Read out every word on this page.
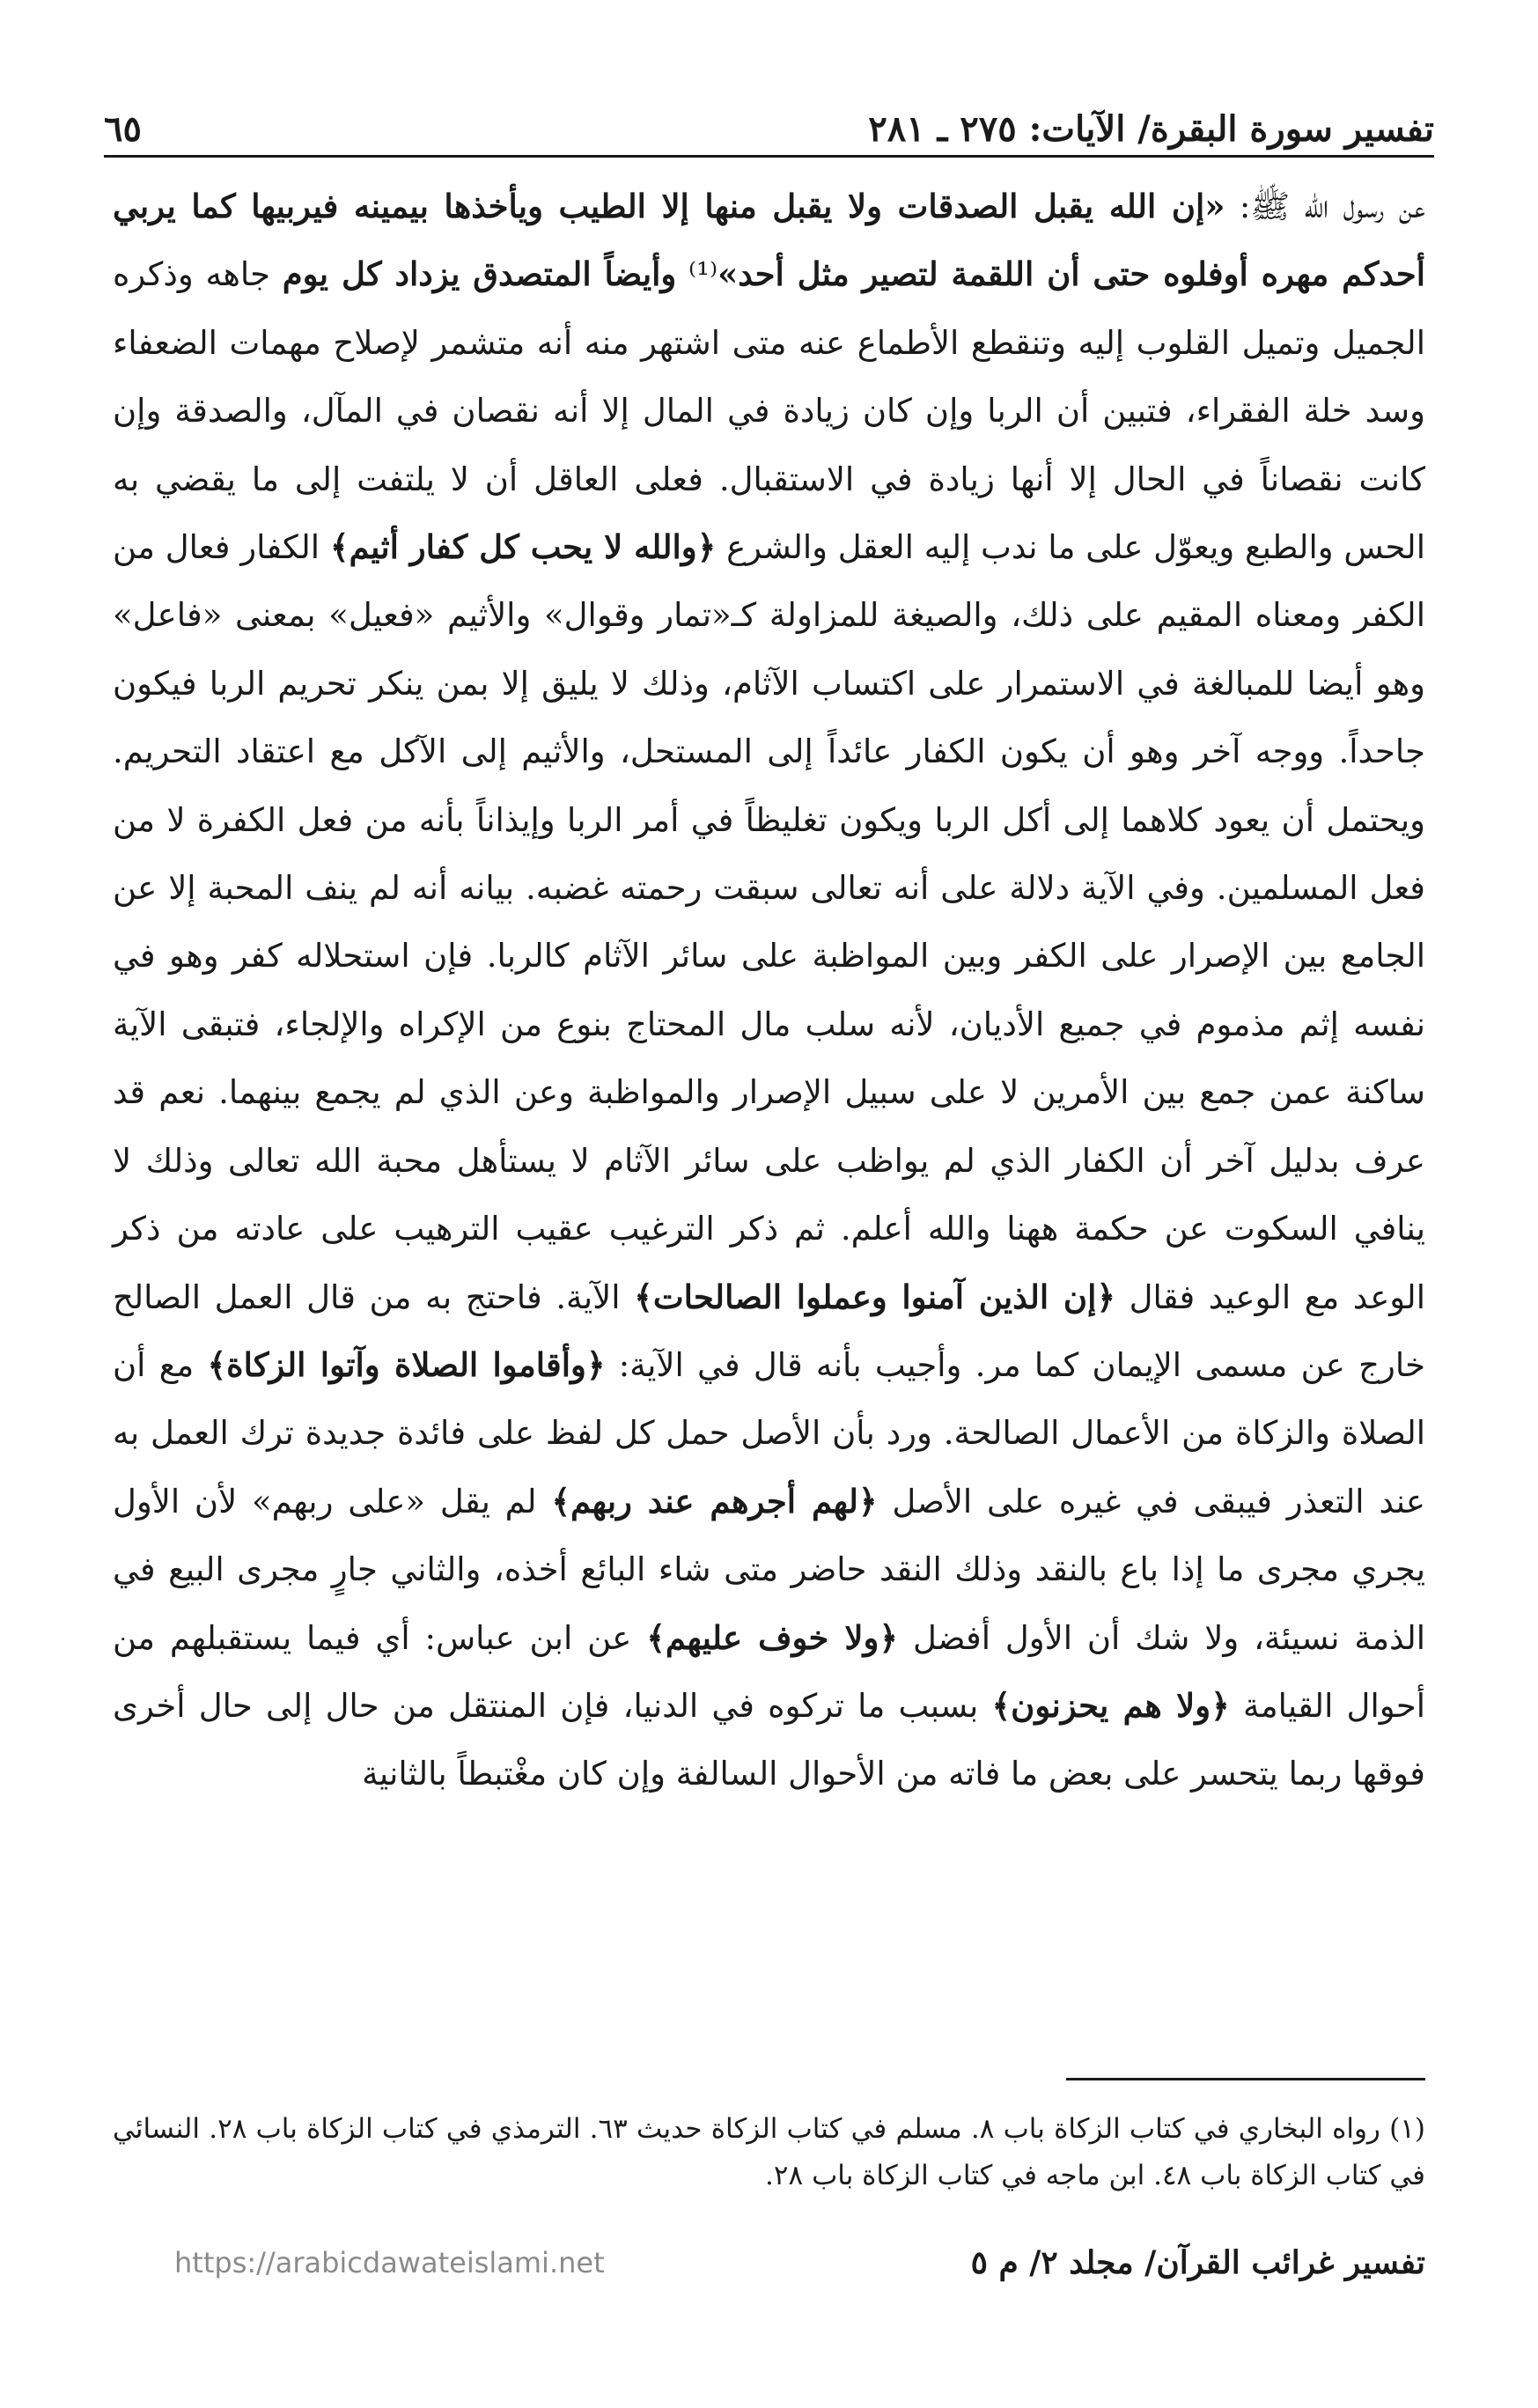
تفسير سورة البقرة/ الآيات: ٢٧٥ ـ ٢٨١
٦٥

عن رسول الله ﷺ: «إن الله يقبل الصدقات ولا يقبل منها إلا الطيب ويأخذها بيمينه فيربيها كما يربي أحدكم مهره أوفلوه حتى أن اللقمة لتصير مثل أحد»⁽¹⁾ وأيضاً المتصدق يزداد كل يوم جاهه وذكره الجميل وتميل القلوب إليه وتنقطع الأطماع عنه متى اشتهر منه أنه متشمر لإصلاح مهمات الضعفاء وسد خلة الفقراء، فتبين أن الربا وإن كان زيادة في المال إلا أنه نقصان في المآل، والصدقة وإن كانت نقصاناً في الحال إلا أنها زيادة في الاستقبال. فعلى العاقل أن لا يلتفت إلى ما يقضي به الحس والطبع ويعوّل على ما ندب إليه العقل والشرع ﴿والله لا يحب كل كفار أثيم﴾ الكفار فعال من الكفر ومعناه المقيم على ذلك، والصيغة للمزاولة كـ«تمار وقوال» والأثيم «فعيل» بمعنى «فاعل» وهو أيضا للمبالغة في الاستمرار على اكتساب الآثام، وذلك لا يليق إلا بمن ينكر تحريم الربا فيكون جاحداً. ووجه آخر وهو أن يكون الكفار عائداً إلى المستحل، والأثيم إلى الآكل مع اعتقاد التحريم. ويحتمل أن يعود كلاهما إلى أكل الربا ويكون تغليظاً في أمر الربا وإيذاناً بأنه من فعل الكفرة لا من فعل المسلمين. وفي الآية دلالة على أنه تعالى سبقت رحمته غضبه. بيانه أنه لم ينف المحبة إلا عن الجامع بين الإصرار على الكفر وبين المواظبة على سائر الآثام كالربا. فإن استحلاله كفر وهو في نفسه إثم مذموم في جميع الأديان، لأنه سلب مال المحتاج بنوع من الإكراه والإلجاء، فتبقى الآية ساكنة عمن جمع بين الأمرين لا على سبيل الإصرار والمواظبة وعن الذي لم يجمع بينهما. نعم قد عرف بدليل آخر أن الكفار الذي لم يواظب على سائر الآثام لا يستأهل محبة الله تعالى وذلك لا ينافي السكوت عن حكمة ههنا والله أعلم. ثم ذكر الترغيب عقيب الترهيب على عادته من ذكر الوعد مع الوعيد فقال ﴿إن الذين آمنوا وعملوا الصالحات﴾ الآية. فاحتج به من قال العمل الصالح خارج عن مسمى الإيمان كما مر. وأجيب بأنه قال في الآية: ﴿وأقاموا الصلاة وآتوا الزكاة﴾ مع أن الصلاة والزكاة من الأعمال الصالحة. ورد بأن الأصل حمل كل لفظ على فائدة جديدة ترك العمل به عند التعذر فيبقى في غيره على الأصل ﴿لهم أجرهم عند ربهم﴾ لم يقل «على ربهم» لأن الأول يجري مجرى ما إذا باع بالنقد وذلك النقد حاضر متى شاء البائع أخذه، والثاني جارٍ مجرى البيع في الذمة نسيئة، ولا شك أن الأول أفضل ﴿ولا خوف عليهم﴾ عن ابن عباس: أي فيما يستقبلهم من أحوال القيامة ﴿ولا هم يحزنون﴾ بسبب ما تركوه في الدنيا، فإن المنتقل من حال إلى حال أخرى فوقها ربما يتحسر على بعض ما فاته من الأحوال السالفة وإن كان مغْتبطاً بالثانية

(١) رواه البخاري في كتاب الزكاة باب ٨. مسلم في كتاب الزكاة حديث ٦٣. الترمذي في كتاب الزكاة باب ٢٨. النسائي في كتاب الزكاة باب ٤٨. ابن ماجه في كتاب الزكاة باب ٢٨.

تفسير غرائب القرآن/ مجلد ٢/ م ٥
https://arabicdawateislami.net
